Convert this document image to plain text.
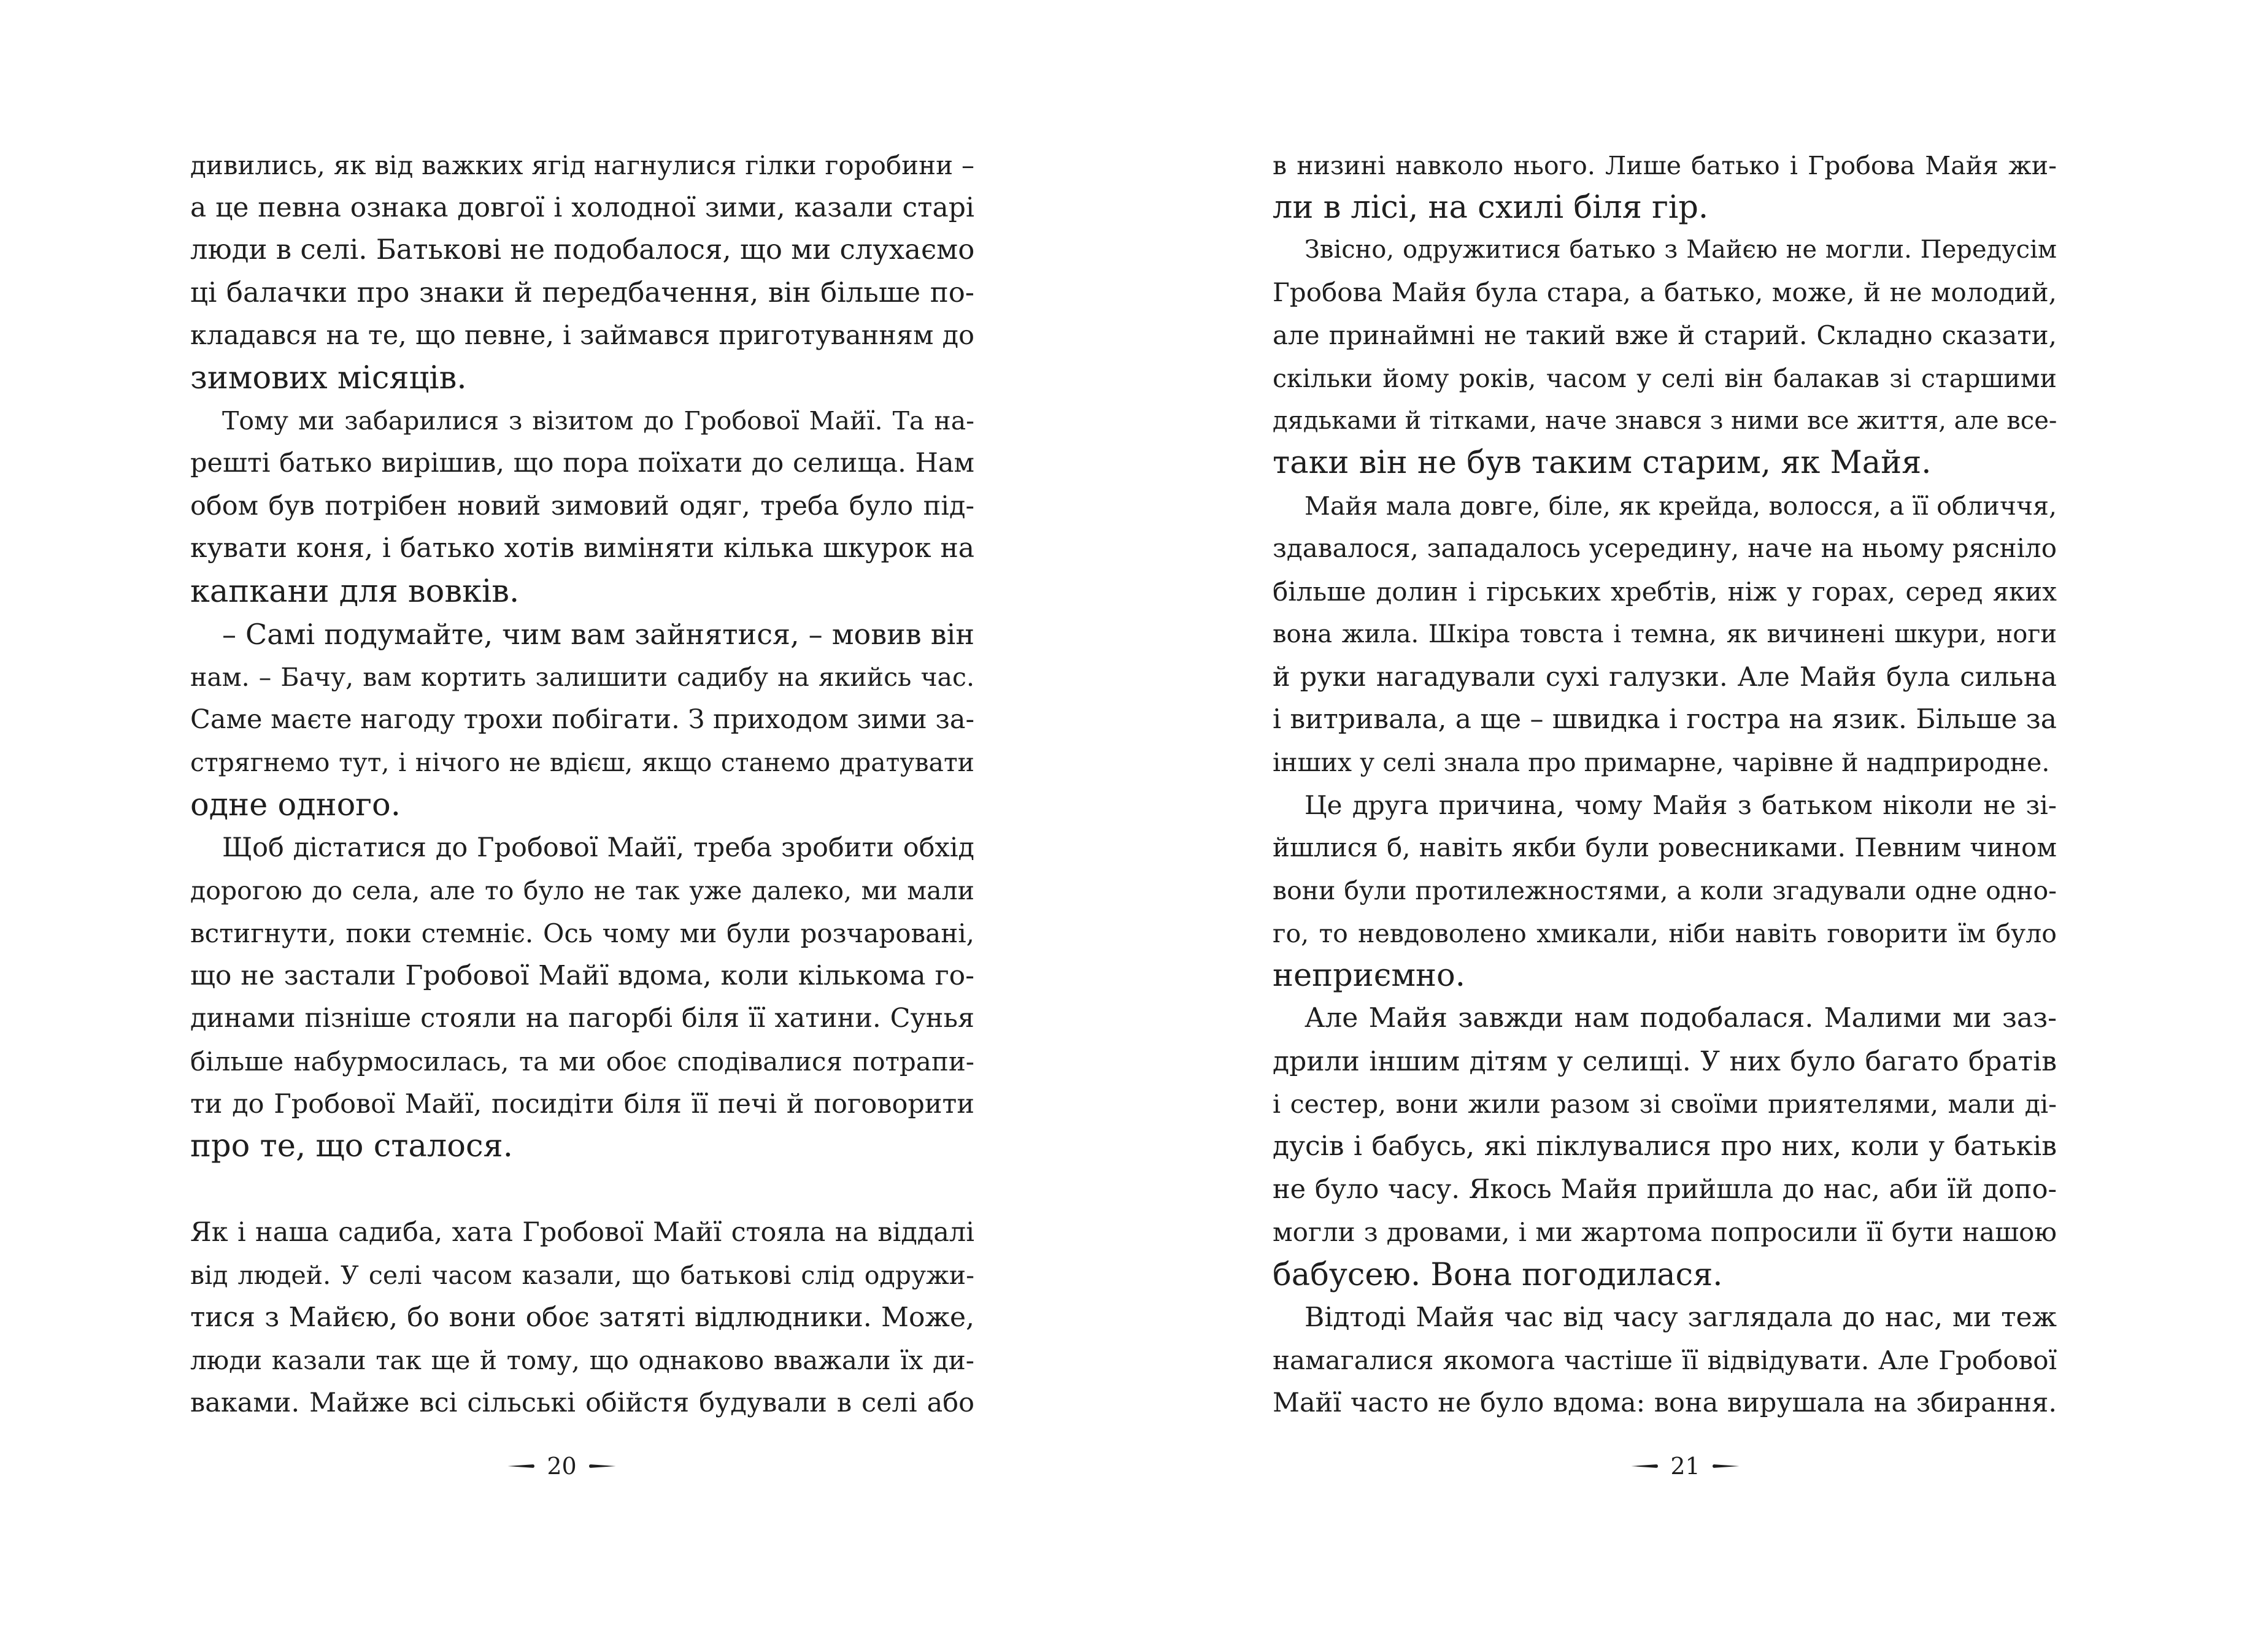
дивились, як від важких ягід нагнулися гілки горобини –
а це певна ознака довгої і холодної зими, казали старі
люди в селі. Батькові не подобалося, що ми слухаємо
ці балачки про знаки й передбачення, він більше по-
кладався на те, що певне, і займався приготуванням до
зимових місяців.
Тому ми забарилися з візитом до Гробової Майї. Та на-
решті батько вирішив, що пора поїхати до селища. Нам
обом був потрібен новий зимовий одяг, треба було під-
кувати коня, і батько хотів виміняти кілька шкурок на
капкани для вовків.
– Самі подумайте, чим вам зайнятися, – мовив він
нам. – Бачу, вам кортить залишити садибу на якийсь час.
Саме маєте нагоду трохи побігати. З приходом зими за-
стрягнемо тут, і нічого не вдієш, якщо станемо дратувати
одне одного.
Щоб дістатися до Гробової Майї, треба зробити обхід
дорогою до села, але то було не так уже далеко, ми мали
встигнути, поки стемніє. Ось чому ми були розчаровані,
що не застали Гробової Майї вдома, коли кількома го-
динами пізніше стояли на пагорбі біля її хатини. Сунья
більше набурмосилась, та ми обоє сподівалися потрапи-
ти до Гробової Майї, посидіти біля її печі й поговорити
про те, що сталося.
Як і наша садиба, хата Гробової Майї стояла на віддалі
від людей. У селі часом казали, що батькові слід одружи-
тися з Майєю, бо вони обоє затяті відлюдники. Може,
люди казали так ще й тому, що однаково вважали їх ди-
ваками. Майже всі сільські обійстя будували в селі або
20
в низині навколо нього. Лише батько і Гробова Майя жи-
ли в лісі, на схилі біля гір.
Звісно, одружитися батько з Майєю не могли. Передусім
Гробова Майя була стара, а батько, може, й не молодий,
але принаймні не такий вже й старий. Складно сказати,
скільки йому років, часом у селі він балакав зі старшими
дядьками й тітками, наче знався з ними все життя, але все-
таки він не був таким старим, як Майя.
Майя мала довге, біле, як крейда, волосся, а її обличчя,
здавалося, западалось усередину, наче на ньому рясніло
більше долин і гірських хребтів, ніж у горах, серед яких
вона жила. Шкіра товста і темна, як вичинені шкури, ноги
й руки нагадували сухі галузки. Але Майя була сильна
і витривала, а ще – швидка і гостра на язик. Більше за
інших у селі знала про примарне, чарівне й надприродне.
Це друга причина, чому Майя з батьком ніколи не зі-
йшлися б, навіть якби були ровесниками. Певним чином
вони були протилежностями, а коли згадували одне одно-
го, то невдоволено хмикали, ніби навіть говорити їм було
неприємно.
Але Майя завжди нам подобалася. Малими ми заз-
дрили іншим дітям у селищі. У них було багато братів
і сестер, вони жили разом зі своїми приятелями, мали ді-
дусів і бабусь, які піклувалися про них, коли у батьків
не було часу. Якось Майя прийшла до нас, аби їй допо-
могли з дровами, і ми жартома попросили її бути нашою
бабусею. Вона погодилася.
Відтоді Майя час від часу заглядала до нас, ми теж
намагалися якомога частіше її відвідувати. Але Гробової
Майї часто не було вдома: вона вирушала на збирання.
21
